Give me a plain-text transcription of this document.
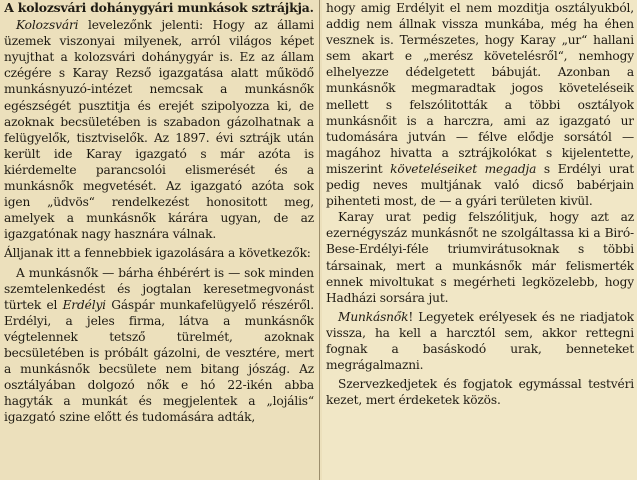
A kolozsvári dohánygyári munkások sztrájkja.

Kolozsvári levelezőnk jelenti: Hogy az állami üzemek viszonyai milyenek, arról világos képet nyujthat a kolozsvári dohánygyár is. Ez az állam czégére s Karay Rezső igazgatása alatt működő munkásnyuzó-intézet nemcsak a munkásnők egészségét pusztitja és erejét szipolyozza ki, de azoknak becsületében is szabadon gázolhatnak a felügyelők, tisztviselők. Az 1897. évi sztrájk után került ide Karay igazgató s már azóta is kiérdemelte parancsolói elismerését és a munkásnők megvetését. Az igazgató azóta sok igen „üdvös“ rendelkezést honositott meg, amelyek a munkásnők kárára ugyan, de az igazgatónak nagy hasznára válnak.

Álljanak itt a fennebbiek igazolására a következők:

A munkásnők — bárha éhbérért is — sok minden szemtelenkedést és jogtalan keresetmegvonást türtek el Erdélyi Gáspár munkafelügyelő részéről. Erdélyi, a jeles firma, látva a munkásnők végtelennek tetsző türelmét, azoknak becsületében is próbált gázolni, de vesztére, mert a munkásnők becsülete nem bitang jószág. Az osztályában dolgozó nők e hó 22-ikén abba hagyták a munkát és megjelentek a „lojális“ igazgató szine előtt és tudomására adták,

hogy amig Erdélyit el nem mozditja osztályukból, addig nem állnak vissza munkába, még ha éhen vesznek is. Természetes, hogy Karay „ur“ hallani sem akart e „merész követelésről“, nemhogy elhelyezze dédelgetett bábuját. Azonban a munkásnők megmaradtak jogos követeléseik mellett s felszólitották a többi osztályok munkásnőit is a harczra, ami az igazgató ur tudomására jutván — félve elődje sorsától — magához hivatta a sztrájkolókat s kijelentette, miszerint követeléseiket megadja s Erdélyi urat pedig neves multjának való dicső babérjain pihenteti most, de — a gyári területen kivül.

Karay urat pedig felszólitjuk, hogy azt az ezernégyszáz munkásnőt ne szolgáltassa ki a Biró-Bese-Erdélyi-féle triumvirátusoknak s többi társainak, mert a munkásnők már felismerték ennek mivoltukat s megérheti legközelebb, hogy Hadházi sorsára jut.

Munkásnők! Legyetek erélyesek és ne riadjatok vissza, ha kell a harcztól sem, akkor rettegni fognak a basáskodó urak, benneteket megrágalmazni.

Szervezkedjetek és fogjatok egymással testvéri kezet, mert érdeketek közös.
